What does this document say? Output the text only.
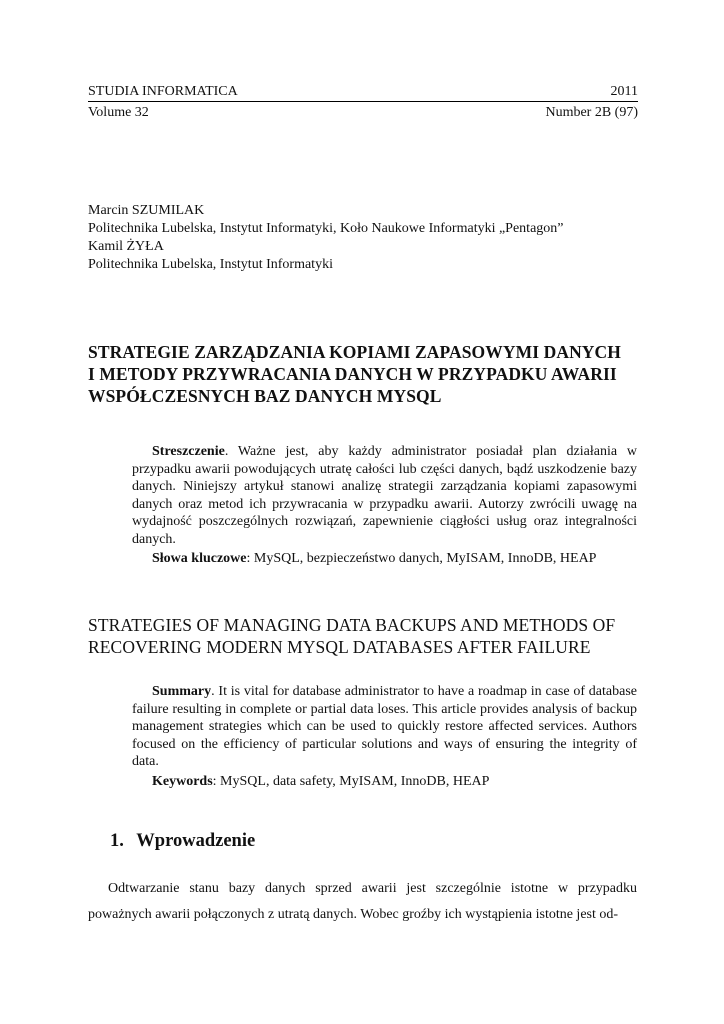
STUDIA INFORMATICA	2011
Volume 32	Number 2B (97)
Marcin SZUMILAK
Politechnika Lubelska, Instytut Informatyki, Koło Naukowe Informatyki „Pentagon”
Kamil ŻYŁA
Politechnika Lubelska, Instytut Informatyki
STRATEGIE ZARZĄDZANIA KOPIAMI ZAPASOWYMI DANYCH
I METODY PRZYWRACANIA DANYCH W PRZYPADKU AWARII
WSPÓŁCZESNYCH BAZ DANYCH MYSQL

Streszczenie. Ważne jest, aby każdy administrator posiadał plan działania w przypadku awarii powodujących utratę całości lub części danych, bądź uszkodzenie bazy danych. Niniejszy artykuł stanowi analizę strategii zarządzania kopiami zapasowymi danych oraz metod ich przywracania w przypadku awarii. Autorzy zwrócili uwagę na wydajność poszczególnych rozwiązań, zapewnienie ciągłości usług oraz integralności danych.

Słowa kluczowe: MySQL, bezpieczeństwo danych, MyISAM, InnoDB, HEAP

STRATEGIES OF MANAGING DATA BACKUPS AND METHODS OF
RECOVERING MODERN MYSQL DATABASES AFTER FAILURE

Summary. It is vital for database administrator to have a roadmap in case of database failure resulting in complete or partial data loses. This article provides analysis of backup management strategies which can be used to quickly restore affected services. Authors focused on the efficiency of particular solutions and ways of ensuring the integrity of data.

Keywords: MySQL, data safety, MyISAM, InnoDB, HEAP

1. Wprowadzenie

Odtwarzanie stanu bazy danych sprzed awarii jest szczególnie istotne w przypadku poważnych awarii połączonych z utratą danych. Wobec groźby ich wystąpienia istotne jest od-
